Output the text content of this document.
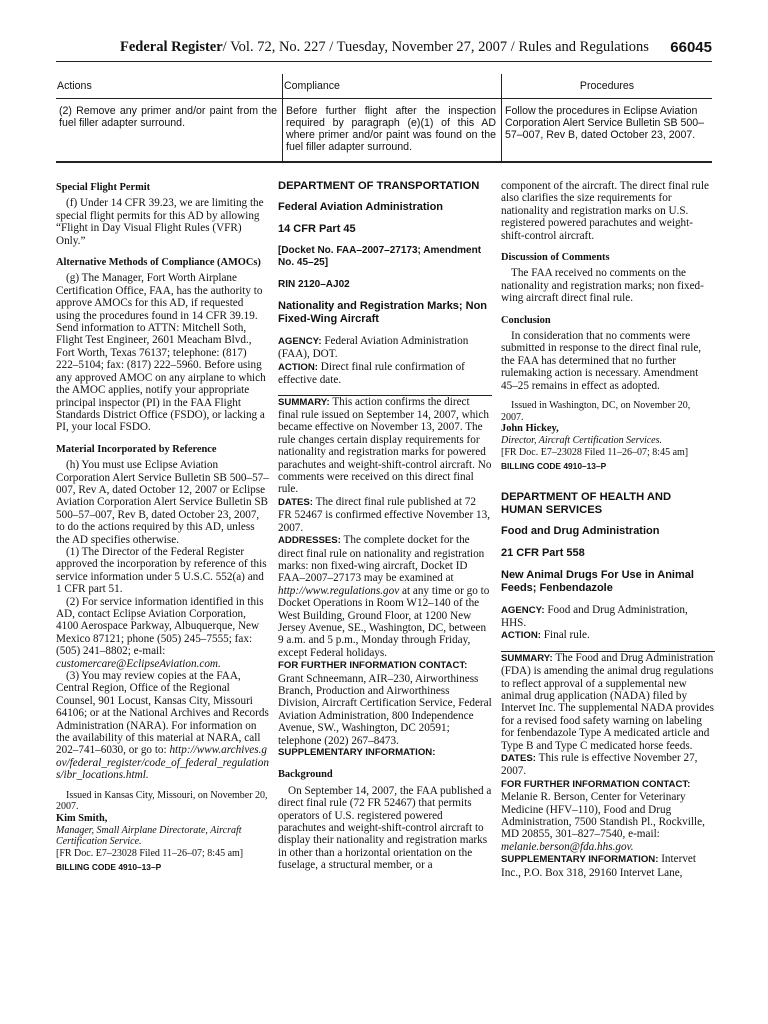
Federal Register/ Vol. 72, No. 227 / Tuesday, November 27, 2007 / Rules and Regulations 66045
Actions	Compliance	Procedures
(2) Remove any primer and/or paint from the fuel filler adapter surround.	Before further flight after the inspection required by paragraph (e)(1) of this AD where primer and/or paint was found on the fuel filler adapter surround.	Follow the procedures in Eclipse Aviation Corporation Alert Service Bulletin SB 500–57–007, Rev B, dated October 23, 2007.

Special Flight Permit

(f) Under 14 CFR 39.23, we are limiting the special flight permits for this AD by allowing “Flight in Day Visual Flight Rules (VFR) Only.”

Alternative Methods of Compliance (AMOCs)

(g) The Manager, Fort Worth Airplane Certification Office, FAA, has the authority to approve AMOCs for this AD, if requested using the procedures found in 14 CFR 39.19. Send information to ATTN: Mitchell Soth, Flight Test Engineer, 2601 Meacham Blvd., Fort Worth, Texas 76137; telephone: (817) 222–5104; fax: (817) 222–5960. Before using any approved AMOC on any airplane to which the AMOC applies, notify your appropriate principal inspector (PI) in the FAA Flight Standards District Office (FSDO), or lacking a PI, your local FSDO.

Material Incorporated by Reference

(h) You must use Eclipse Aviation Corporation Alert Service Bulletin SB 500–57–007, Rev A, dated October 12, 2007 or Eclipse Aviation Corporation Alert Service Bulletin SB 500–57–007, Rev B, dated October 23, 2007, to do the actions required by this AD, unless the AD specifies otherwise.

(1) The Director of the Federal Register approved the incorporation by reference of this service information under 5 U.S.C. 552(a) and 1 CFR part 51.

(2) For service information identified in this AD, contact Eclipse Aviation Corporation, 4100 Aerospace Parkway, Albuquerque, New Mexico 87121; phone (505) 245–7555; fax: (505) 241–8802; e-mail: customercare@EclipseAviation.com.

(3) You may review copies at the FAA, Central Region, Office of the Regional Counsel, 901 Locust, Kansas City, Missouri 64106; or at the National Archives and Records Administration (NARA). For information on the availability of this material at NARA, call 202–741–6030, or go to: http://www.archives.gov/federal_register/code_of_federal_regulations/ibr_locations.html.

Issued in Kansas City, Missouri, on November 20, 2007.

Kim Smith,

Manager, Small Airplane Directorate, Aircraft Certification Service.

[FR Doc. E7–23028 Filed 11–26–07; 8:45 am]

BILLING CODE 4910–13–P

DEPARTMENT OF TRANSPORTATION

Federal Aviation Administration

14 CFR Part 45

[Docket No. FAA–2007–27173; Amendment No. 45–25]

RIN 2120–AJ02

Nationality and Registration Marks; Non Fixed-Wing Aircraft

AGENCY: Federal Aviation Administration (FAA), DOT.

ACTION: Direct final rule confirmation of effective date.

SUMMARY: This action confirms the direct final rule issued on September 14, 2007, which became effective on November 13, 2007. The rule changes certain display requirements for nationality and registration marks for powered parachutes and weight-shift-control aircraft. No comments were received on this direct final rule.

DATES: The direct final rule published at 72 FR 52467 is confirmed effective November 13, 2007.

ADDRESSES: The complete docket for the direct final rule on nationality and registration marks: non fixed-wing aircraft, Docket ID FAA–2007–27173 may be examined at http://www.regulations.gov at any time or go to Docket Operations in Room W12–140 of the West Building, Ground Floor, at 1200 New Jersey Avenue, SE., Washington, DC, between 9 a.m. and 5 p.m., Monday through Friday, except Federal holidays.

FOR FURTHER INFORMATION CONTACT:
Grant Schneemann, AIR–230, Airworthiness Branch, Production and Airworthiness Division, Aircraft Certification Service, Federal Aviation Administration, 800 Independence Avenue, SW., Washington, DC 20591; telephone (202) 267–8473.

SUPPLEMENTARY INFORMATION:

Background

On September 14, 2007, the FAA published a direct final rule (72 FR 52467) that permits operators of U.S. registered powered parachutes and weight-shift-control aircraft to display their nationality and registration marks in other than a horizontal orientation on the fuselage, a structural member, or a

component of the aircraft. The direct final rule also clarifies the size requirements for nationality and registration marks on U.S. registered powered parachutes and weight-shift-control aircraft.

Discussion of Comments

The FAA received no comments on the nationality and registration marks; non fixed-wing aircraft direct final rule.

Conclusion

In consideration that no comments were submitted in response to the direct final rule, the FAA has determined that no further rulemaking action is necessary. Amendment 45–25 remains in effect as adopted.

Issued in Washington, DC, on November 20, 2007.

John Hickey,

Director, Aircraft Certification Services.

[FR Doc. E7–23028 Filed 11–26–07; 8:45 am]

BILLING CODE 4910–13–P

DEPARTMENT OF HEALTH AND HUMAN SERVICES

Food and Drug Administration

21 CFR Part 558

New Animal Drugs For Use in Animal Feeds; Fenbendazole

AGENCY: Food and Drug Administration, HHS.

ACTION: Final rule.

SUMMARY: The Food and Drug Administration (FDA) is amending the animal drug regulations to reflect approval of a supplemental new animal drug application (NADA) filed by Intervet Inc. The supplemental NADA provides for a revised food safety warning on labeling for fenbendazole Type A medicated article and Type B and Type C medicated horse feeds.

DATES: This rule is effective November 27, 2007.

FOR FURTHER INFORMATION CONTACT:
Melanie R. Berson, Center for Veterinary Medicine (HFV–110), Food and Drug Administration, 7500 Standish Pl., Rockville, MD 20855, 301–827–7540, e-mail: melanie.berson@fda.hhs.gov.

SUPPLEMENTARY INFORMATION: Intervet Inc., P.O. Box 318, 29160 Intervet Lane,
